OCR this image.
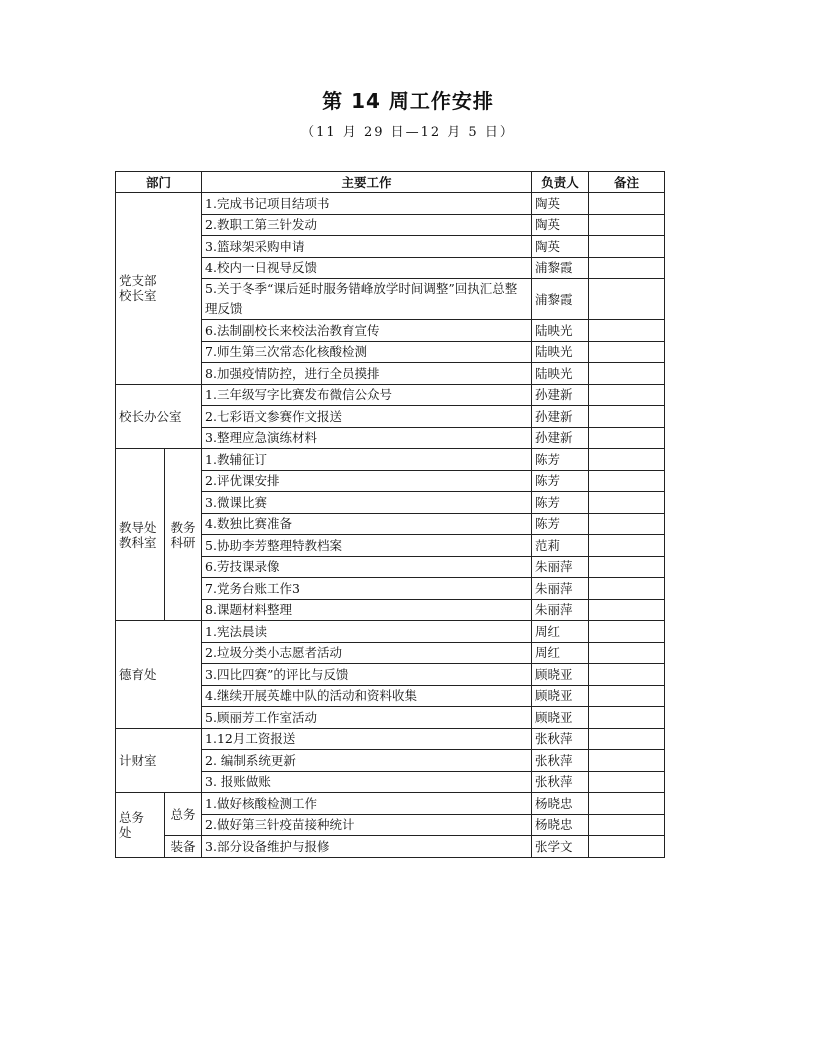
第 14 周工作安排
（11 月 29 日—12 月 5 日）
部门		主要工作	负责人	备注
党支部
校长室		1.完成书记项目结项书	陶英	
		2.教职工第三针发动	陶英	
		3.篮球架采购申请	陶英	
		4.校内一日视导反馈	浦黎霞	
		5.关于冬季“课后延时服务错峰放学时间调整”回执汇总整理反馈	浦黎霞	
		6.法制副校长来校法治教育宣传	陆映光	
		7.师生第三次常态化核酸检测	陆映光	
		8.加强疫情防控，进行全员摸排	陆映光	
校长办公室		1.三年级写字比赛发布微信公众号	孙建新	
		2.七彩语文参赛作文报送	孙建新	
		3.整理应急演练材料	孙建新	
教导处
教科室	教务
科研	1.教辅征订	陈芳	
		2.评优课安排	陈芳	
		3.微课比赛	陈芳	
		4.数独比赛准备	陈芳	
		5.协助李芳整理特教档案	范莉	
		6.劳技课录像	朱丽萍	
		7.党务台账工作3	朱丽萍	
		8.课题材料整理	朱丽萍	
德育处		1.宪法晨读	周红	
		2.垃圾分类小志愿者活动	周红	
		3.四比四赛”的评比与反馈	顾晓亚	
		4.继续开展英雄中队的活动和资料收集	顾晓亚	
		5.顾丽芳工作室活动	顾晓亚	
计财室		1.12月工资报送	张秋萍	
		2. 编制系统更新	张秋萍	
		3. 报账做账	张秋萍	
总务
处	总务	1.做好核酸检测工作	杨晓忠	
		2.做好第三针疫苗接种统计	杨晓忠	
	装备	3.部分设备维护与报修	张学文	
